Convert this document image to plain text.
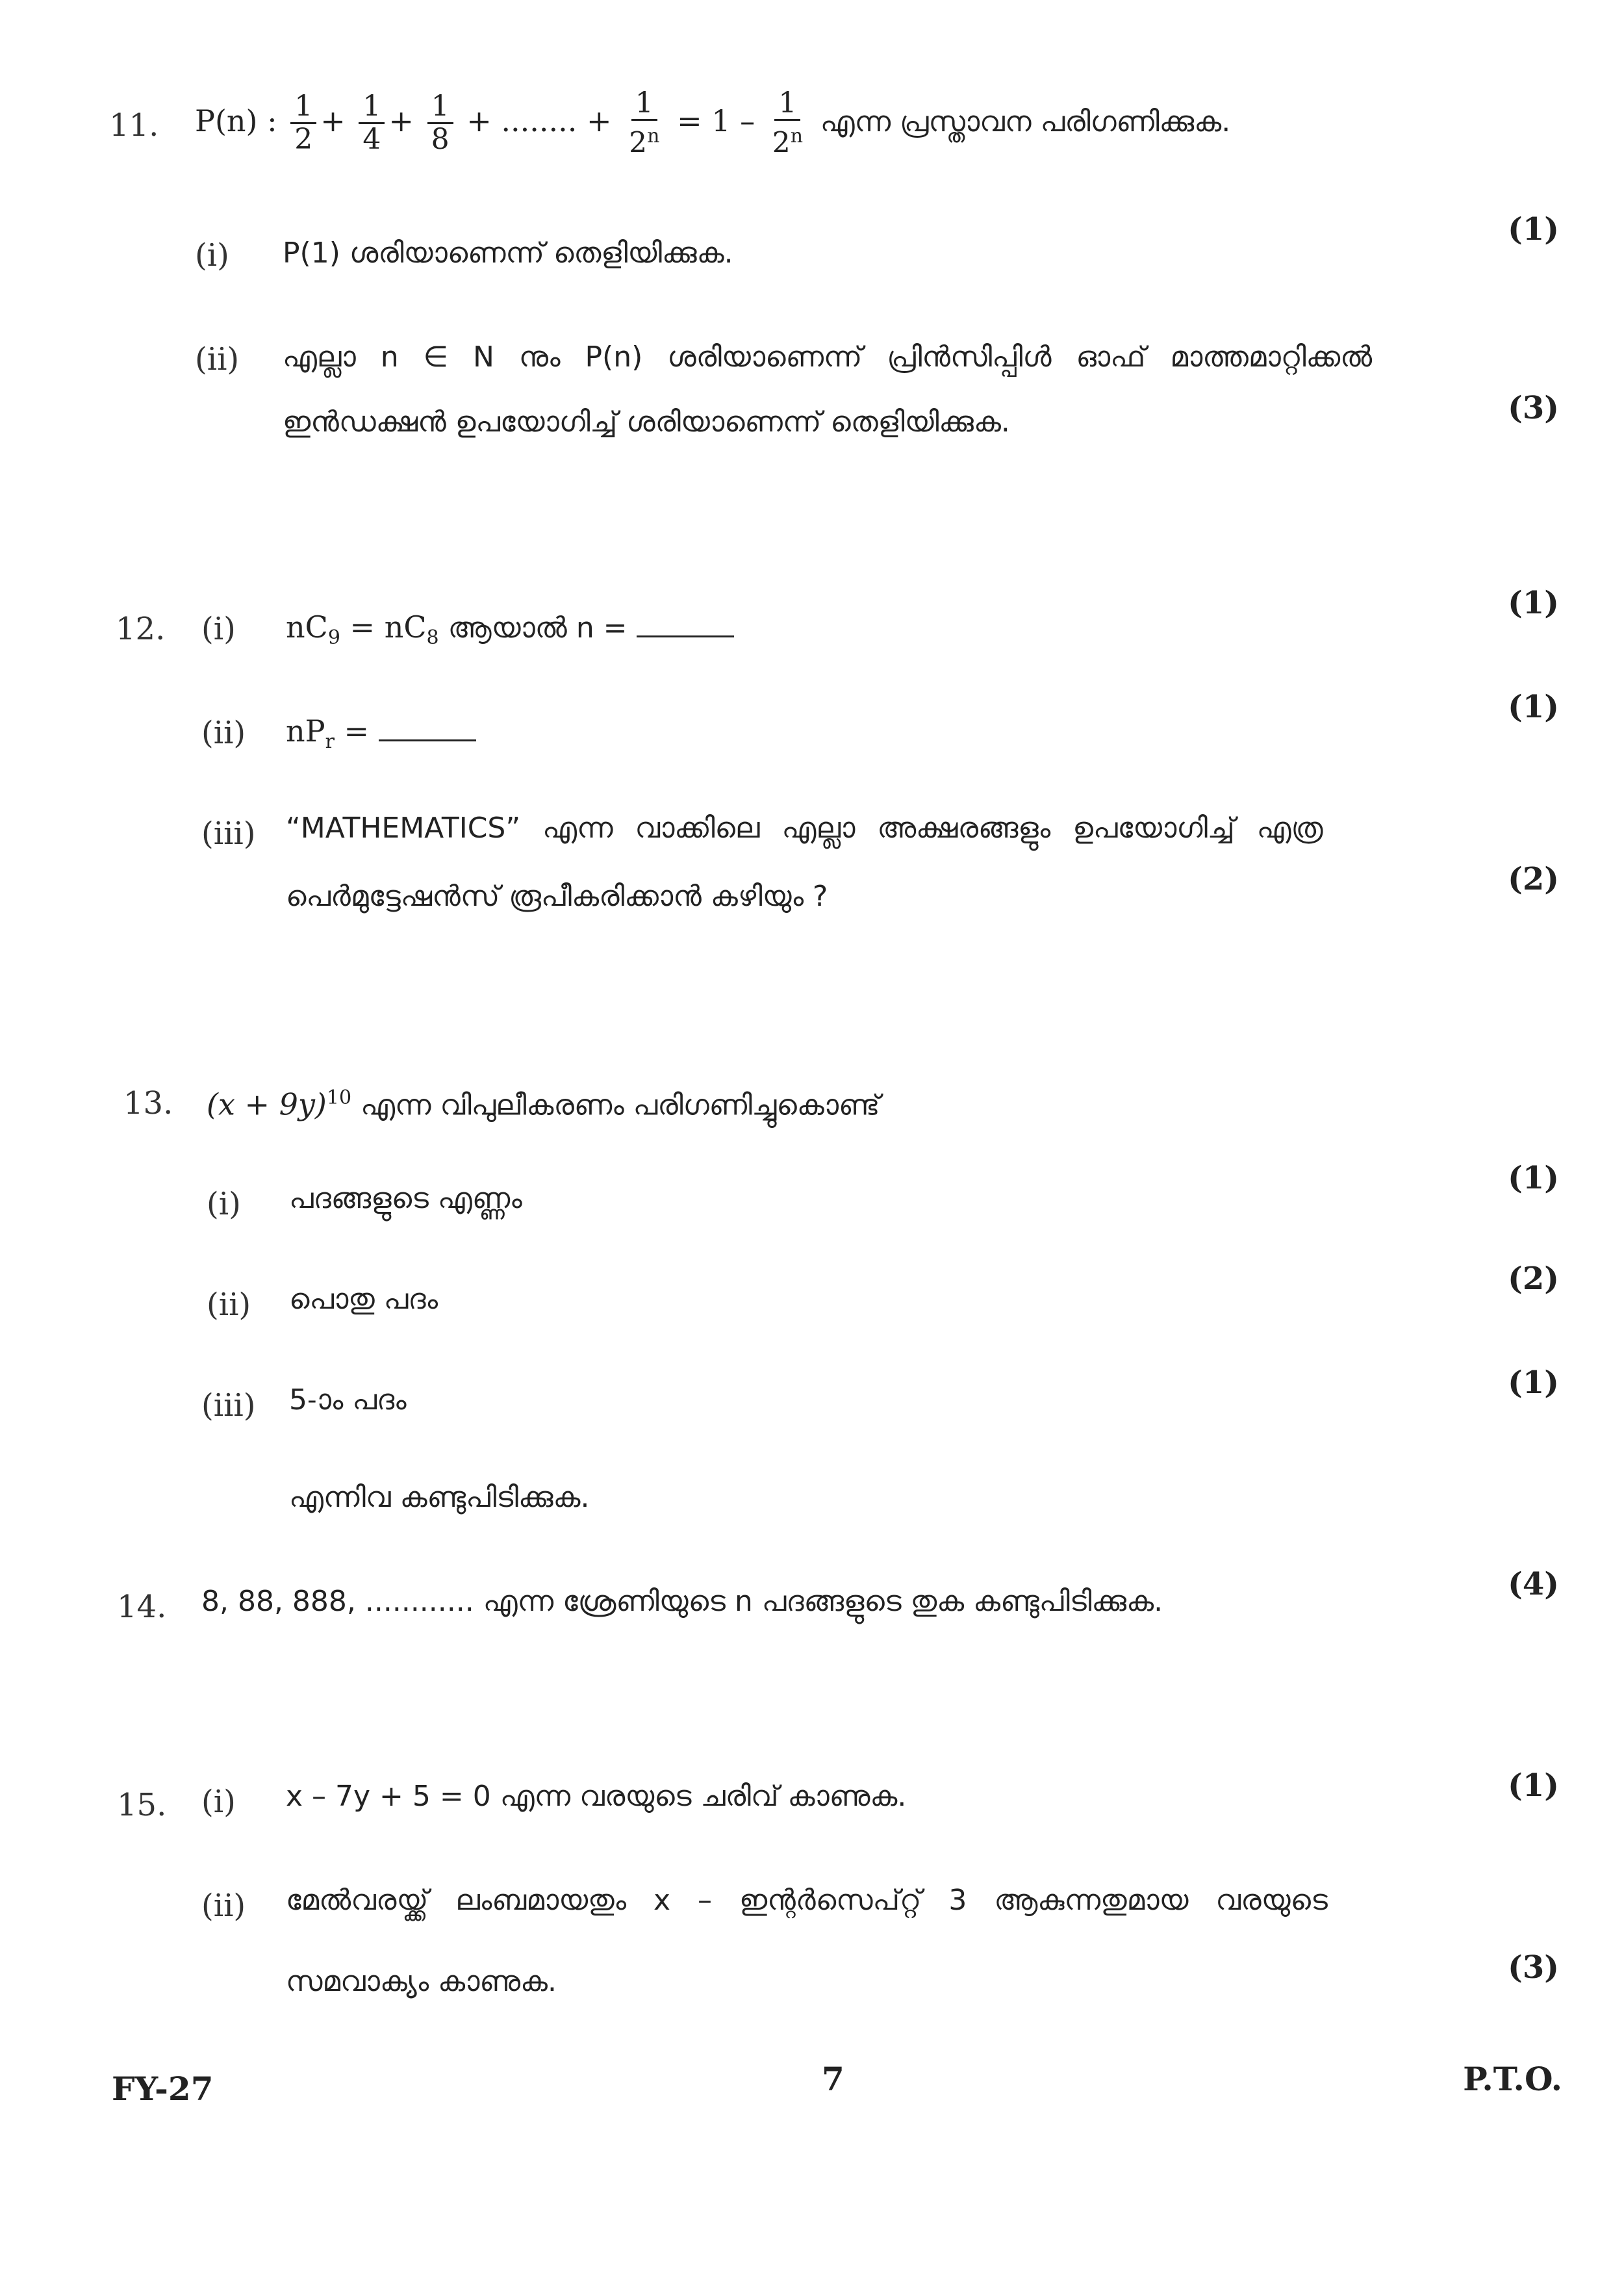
11. P(n) : $\frac{1}{2} + \frac{1}{4} + \frac{1}{8}$ + ........ + $\frac{1}{2^n} = 1 - \frac{1}{2^n}$ എന്ന പ്രസ്താവന പരിഗണിക്കുക.
(i) P(1) ശരിയാണെന്ന് തെളിയിക്കുക.
(1)
(ii) എല്ലാ n ∈ N നും P(n) ശരിയാണെന്ന് പ്രിൻസിപ്പിൾ ഓഫ് മാത്തമാറ്റിക്കൽ
ഇൻഡക്ഷൻ ഉപയോഗിച്ച് ശരിയാണെന്ന് തെളിയിക്കുക.	(3)
12. (i) $nC_9 = nC_8$ ആയാൽ n =
(1)
(ii) $nP_r$ =
(1)
(iii) “MATHEMATICS” എന്ന വാക്കിലെ എല്ലാ അക്ഷരങ്ങളും ഉപയോഗിച്ച് എത്ര
പെർമുട്ടേഷൻസ് രൂപീകരിക്കാൻ കഴിയും ?	(2)
13. $(x + 9y)^{10}$ എന്ന വിപുലീകരണം പരിഗണിച്ചുകൊണ്ട്
(i) പദങ്ങളുടെ എണ്ണം
(1)
(ii) പൊതു പദം
(2)
(iii) 5-ാം പദം	(1)
എന്നിവ കണ്ടുപിടിക്കുക.
14. 8, 88, 888, ............ എന്ന ശ്രേണിയുടെ n പദങ്ങളുടെ തുക കണ്ടുപിടിക്കുക.	(4)
15. (i) x – 7y + 5 = 0 എന്ന വരയുടെ ചരിവ് കാണുക.	(1)
(ii) മേൽവരയ്ക്ക് ലംബമായതും x – ഇന്റർസെപ്റ്റ് 3 ആകുന്നതുമായ വരയുടെ
സമവാക്യം കാണുക.	(3)
FY-27	7	P.T.O.
